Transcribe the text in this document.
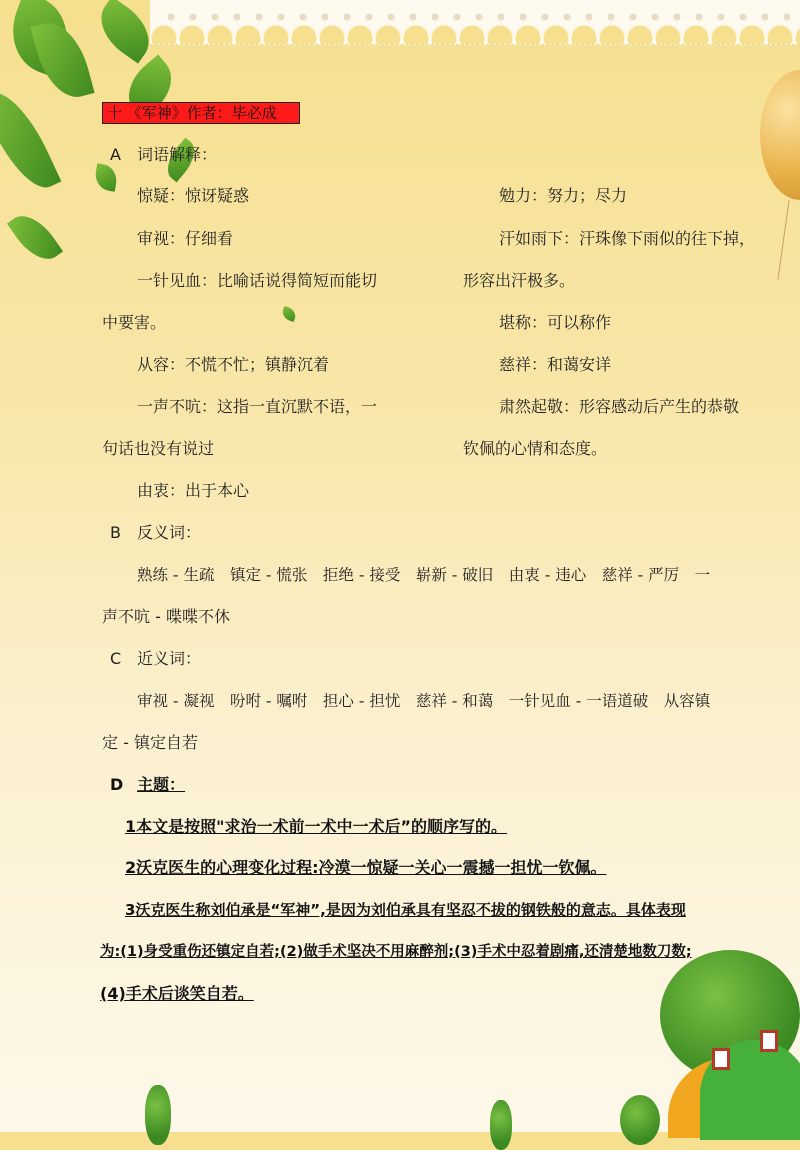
十 《军神》作者：毕必成
A 词语解释：
惊疑：惊讶疑惑
审视：仔细看
一针见血：比喻话说得简短而能切
中要害。
从容：不慌不忙；镇静沉着
一声不吭：这指一直沉默不语，一
句话也没有说过
由衷：出于本心
勉力：努力；尽力
汗如雨下：汗珠像下雨似的往下掉，
形容出汗极多。
堪称：可以称作
慈祥：和蔼安详
肃然起敬：形容感动后产生的恭敬
钦佩的心情和态度。
B 反义词：
熟练 - 生疏　镇定 - 慌张　拒绝 - 接受　崭新 - 破旧　由衷 - 违心　慈祥 - 严厉　一
声不吭 - 喋喋不休
C 近义词：
审视 - 凝视　吩咐 - 嘱咐　担心 - 担忧　慈祥 - 和蔼　一针见血 - 一语道破　从容镇
定 - 镇定自若
D 主题：
1本文是按照"求治一术前一术中一术后”的顺序写的。
2沃克医生的心理变化过程:冷漠一惊疑一关心一震撼一担忧一钦佩。
3沃克医生称刘伯承是“军神”,是因为刘伯承具有坚忍不拔的钢铁般的意志。具体表现
为:(1)身受重伤还镇定自若;(2)做手术坚决不用麻醉剂;(3)手术中忍着剧痛,还清楚地数刀数;
(4)手术后谈笑自若。
